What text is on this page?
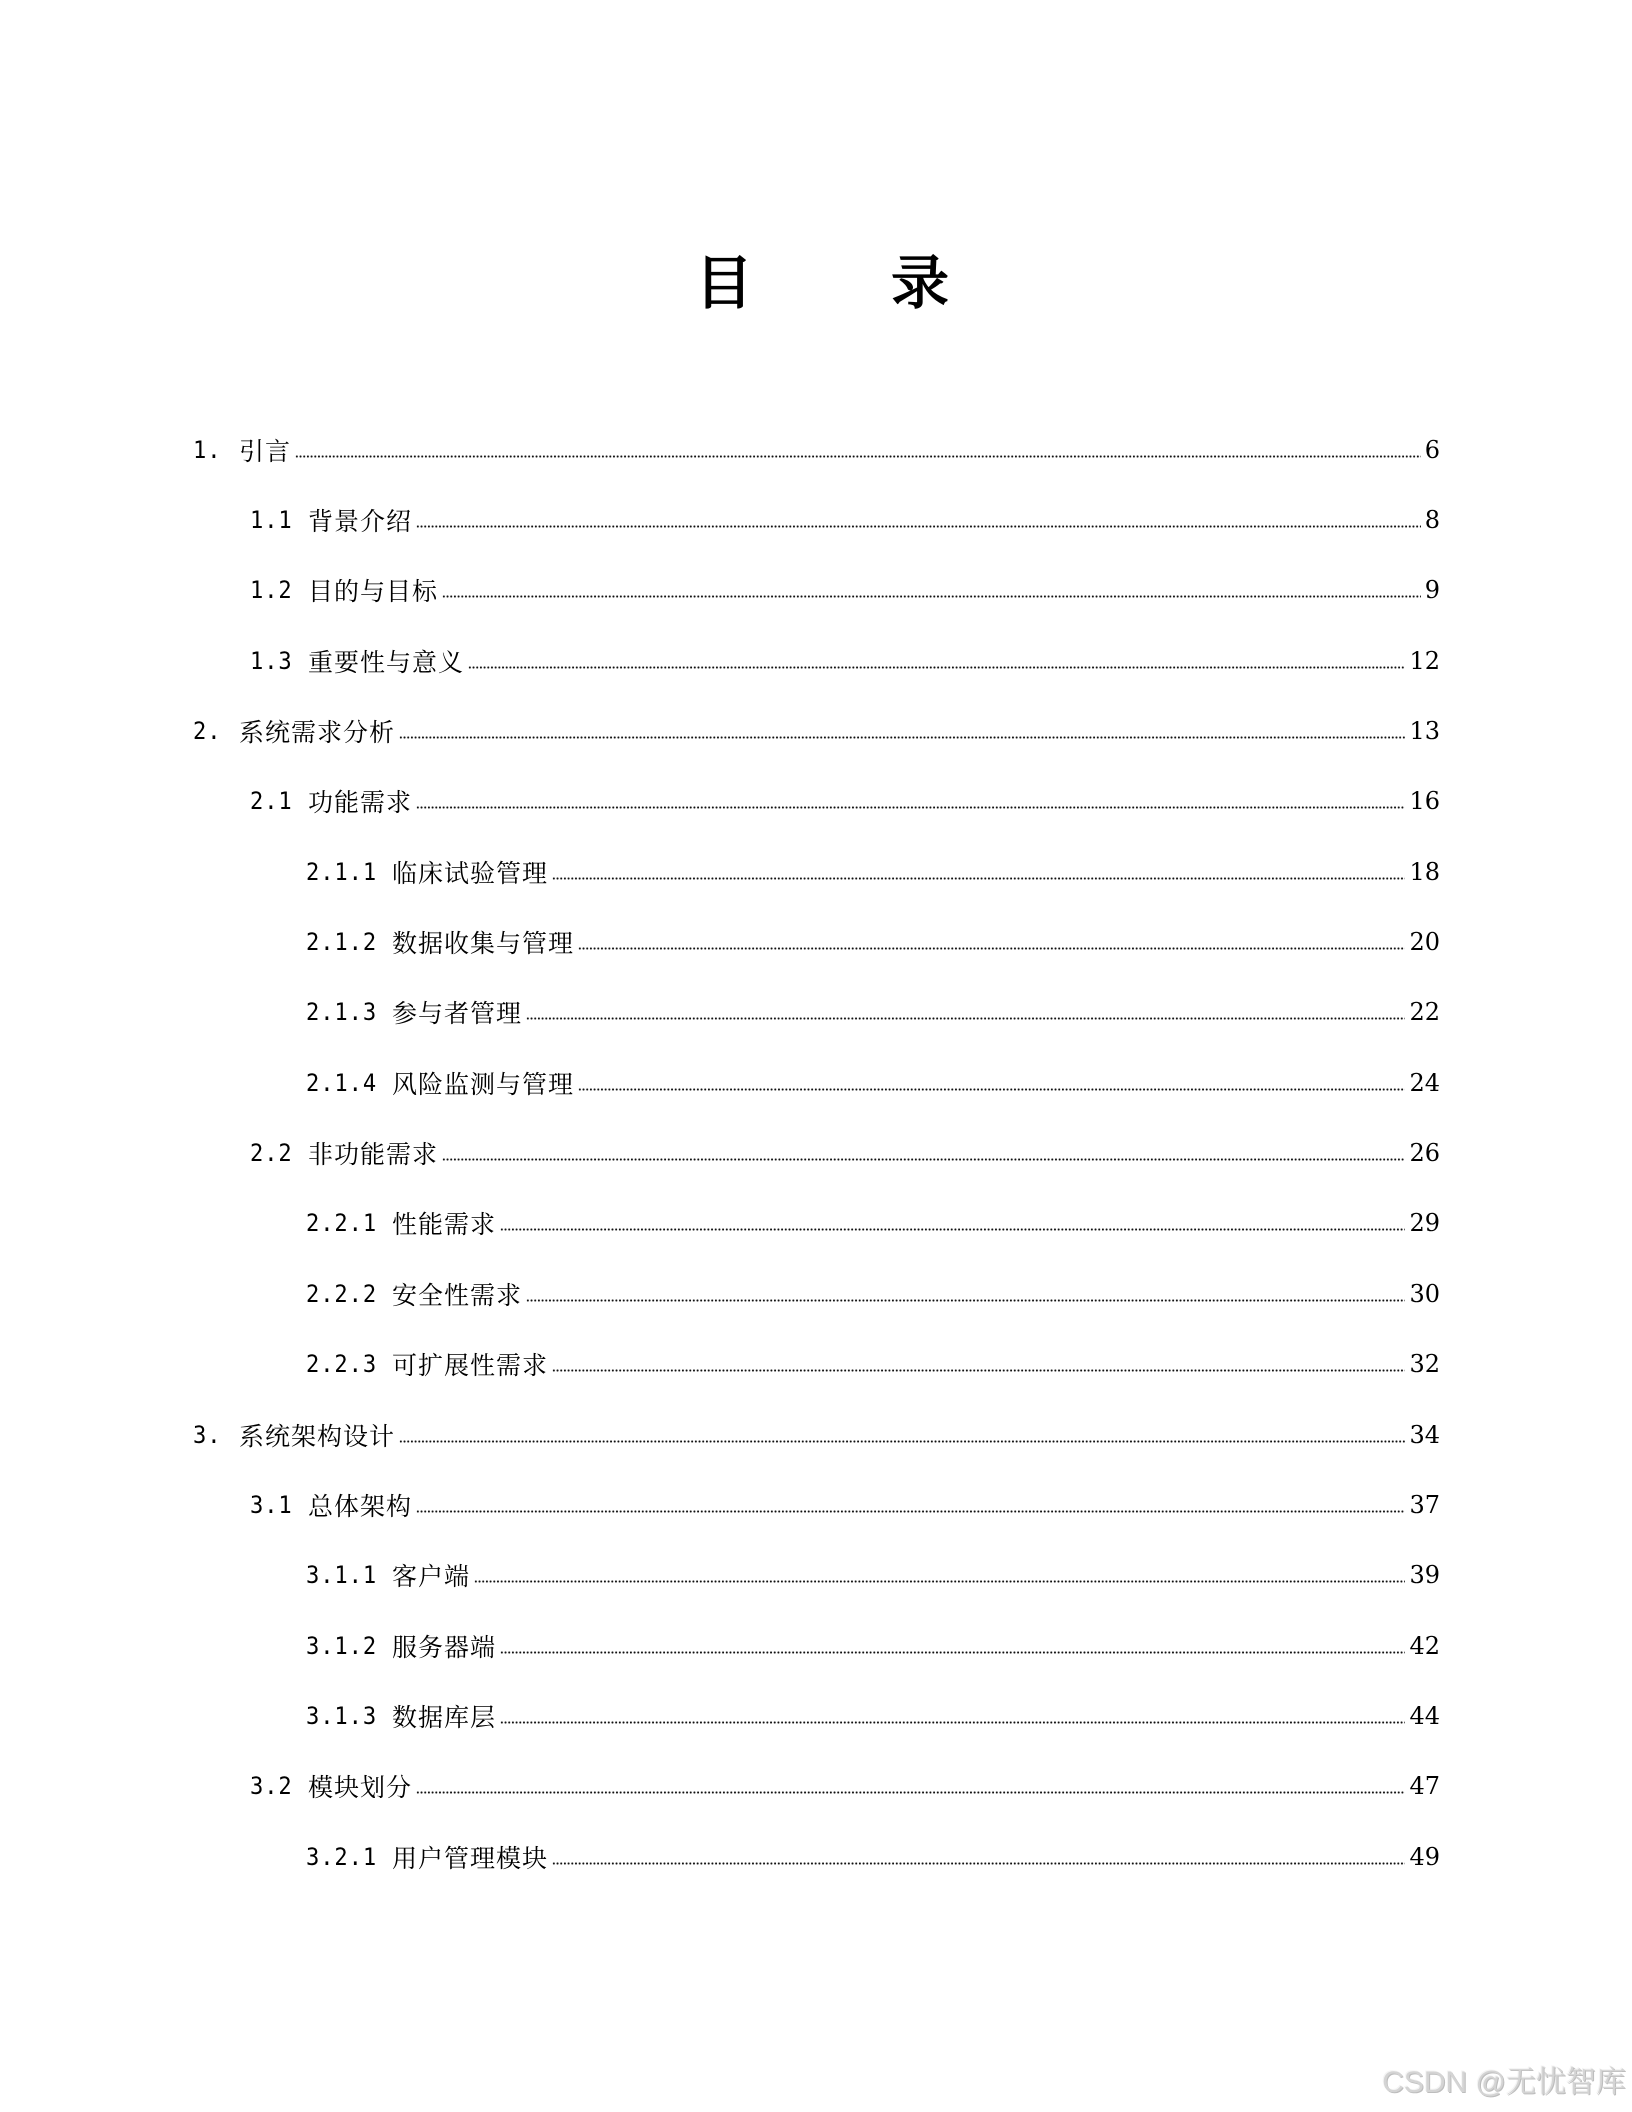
目 录
1. 引言	6
1.1 背景介绍	8
1.2 目的与目标	9
1.3 重要性与意义	12
2. 系统需求分析	13
2.1 功能需求	16
2.1.1 临床试验管理	18
2.1.2 数据收集与管理	20
2.1.3 参与者管理	22
2.1.4 风险监测与管理	24
2.2 非功能需求	26
2.2.1 性能需求	29
2.2.2 安全性需求	30
2.2.3 可扩展性需求	32
3. 系统架构设计	34
3.1 总体架构	37
3.1.1 客户端	39
3.1.2 服务器端	42
3.1.3 数据库层	44
3.2 模块划分	47
3.2.1 用户管理模块	49
CSDN @无忧智库
